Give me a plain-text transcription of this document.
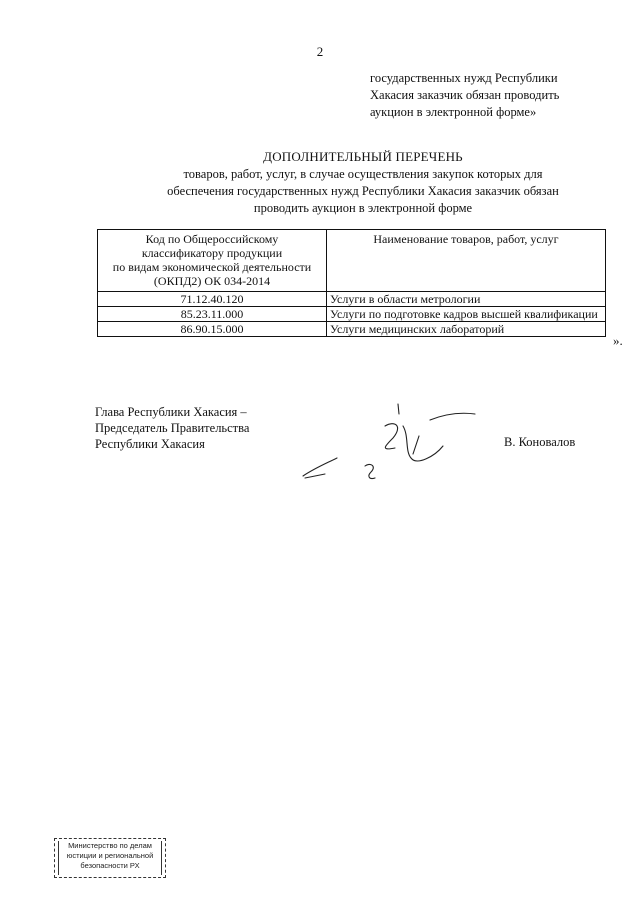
2
государственных нужд Республики
Хакасия заказчик обязан проводить
аукцион в электронной форме»
ДОПОЛНИТЕЛЬНЫЙ ПЕРЕЧЕНЬ
товаров, работ, услуг, в случае осуществления закупок которых для
обеспечения государственных нужд Республики Хакасия заказчик обязан
проводить аукцион в электронной форме
Код по Общероссийскому
классификатору продукции
по видам экономической деятельности
(ОКПД2) ОК 034-2014	Наименование товаров, работ, услуг
71.12.40.120	Услуги в области метрологии
85.23.11.000	Услуги по подготовке кадров высшей квалификации
86.90.15.000	Услуги медицинских лабораторий
».
Глава Республики Хакасия –
Председатель Правительства
Республики Хакасия	В. Коновалов
Министерство по делам
юстиции и региональной
безопасности РХ
